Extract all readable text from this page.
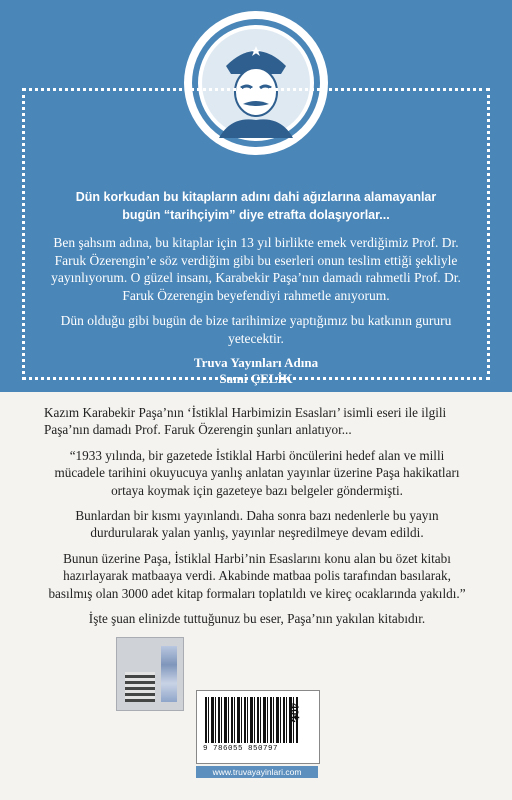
Dün korkudan bu kitapların adını dahi ağızlarına alamayanlar
bugün “tarihçiyim” diye etrafta dolaşıyorlar...

Ben şahsım adına, bu kitaplar için 13 yıl birlikte emek verdiğimiz Prof. Dr. Faruk Özerengin’e söz verdiğim gibi bu eserleri onun teslim ettiği şekliyle yayınlıyorum. O güzel insanı, Karabekir Paşa’nın damadı rahmetli Prof. Dr. Faruk Özerengin beyefendiyi rahmetle anıyorum.

Dün olduğu gibi bugün de bize tarihimize yaptığımız bu katkının gururu yetecektir.

Truva Yayınları Adına

Sami ÇELİK

Kazım Karabekir Paşa’nın ‘İstiklal Harbimizin Esasları’ isimli eseri ile ilgili Paşa’nın damadı Prof. Faruk Özerengin şunları anlatıyor...

“1933 yılında, bir gazetede İstiklal Harbi öncülerini hedef alan ve milli mücadele tarihini okuyucuya yanlış anlatan yayınlar üzerine Paşa hakikatları ortaya koymak için gazeteye bazı belgeler göndermişti.

Bunlardan bir kısmı yayınlandı. Daha sonra bazı nedenlerle bu yayın durdurularak yalan yanlış, yayınlar neşredilmeye devam edildi.

Bunun üzerine Paşa, İstiklal Harbi’nin Esaslarını konu alan bu özet kitabı hazırlayarak matbaaya verdi. Akabinde matbaa polis tarafından basılarak, basılmış olan 3000 adet kitap formaları toplatıldı ve kireç ocaklarında yakıldı.”

İşte şuan elinizde tuttuğunuz bu eser, Paşa’nın yakılan kitabıdır.

9 786055 850797
40₺
www.truvayayinlari.com
